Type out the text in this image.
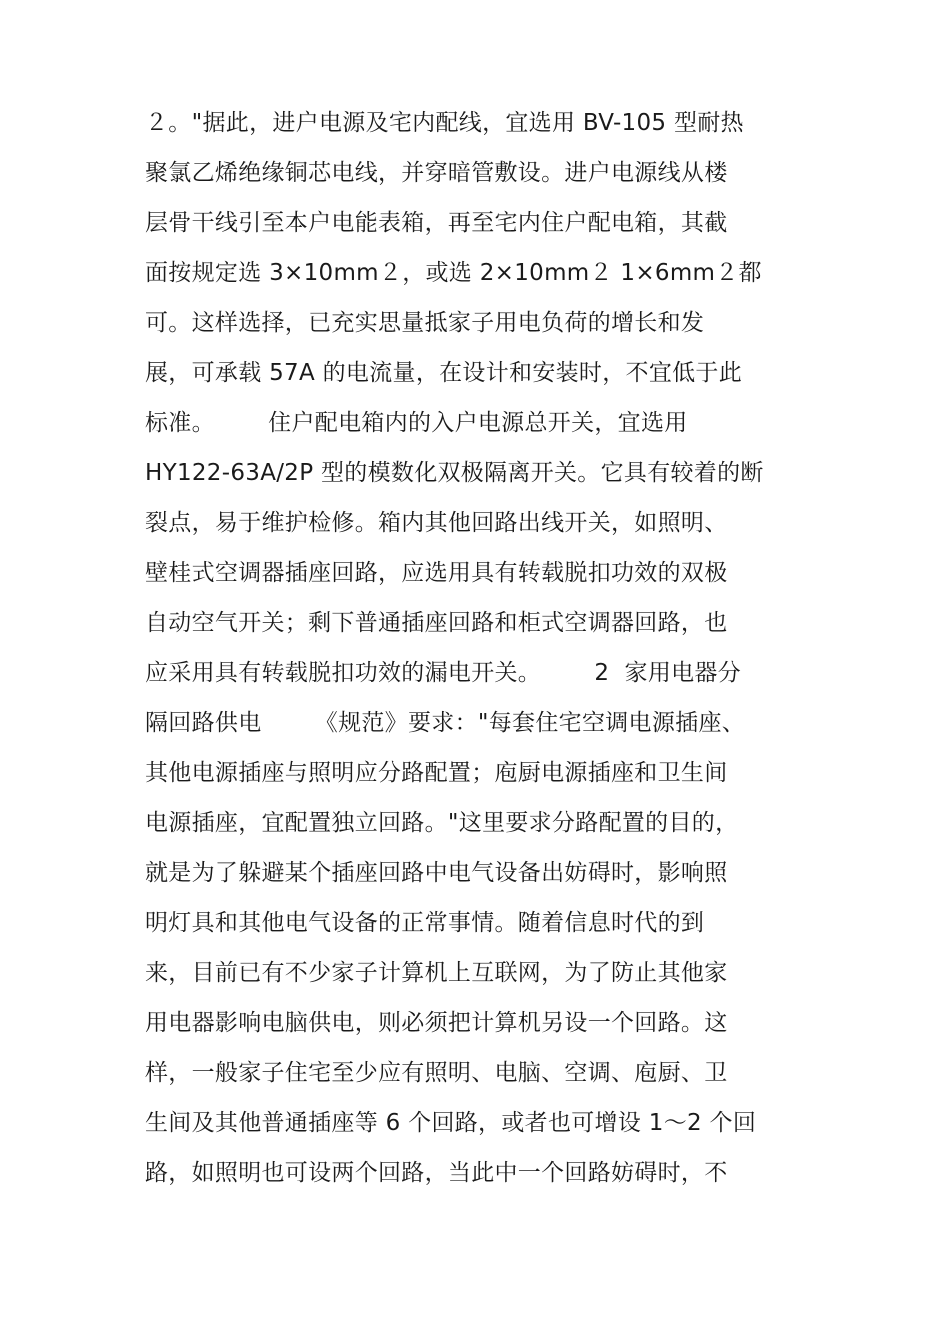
２。"据此，进户电源及宅内配线，宜选用 BV-105 型耐热
聚氯乙烯绝缘铜芯电线，并穿暗管敷设。进户电源线从楼
层骨干线引至本户电能表箱，再至宅内住户配电箱，其截
面按规定选 3×10mm２，或选 2×10mm２ 1×6mm２都
可。这样选择，已充实思量抵家子用电负荷的增长和发
展，可承载 57A 的电流量，在设计和安装时，不宜低于此
标准。       住户配电箱内的入户电源总开关，宜选用
HY122-63A/2P 型的模数化双极隔离开关。它具有较着的断
裂点，易于维护检修。箱内其他回路出线开关，如照明、
壁桂式空调器插座回路，应选用具有转载脱扣功效的双极
自动空气开关；剩下普通插座回路和柜式空调器回路，也
应采用具有转载脱扣功效的漏电开关。       2  家用电器分
隔回路供电       《规范》要求："每套住宅空调电源插座、
其他电源插座与照明应分路配置；庖厨电源插座和卫生间
电源插座，宜配置独立回路。"这里要求分路配置的目的，
就是为了躲避某个插座回路中电气设备出妨碍时，影响照
明灯具和其他电气设备的正常事情。随着信息时代的到
来，目前已有不少家子计算机上互联网，为了防止其他家
用电器影响电脑供电，则必须把计算机另设一个回路。这
样，一般家子住宅至少应有照明、电脑、空调、庖厨、卫
生间及其他普通插座等 6 个回路，或者也可增设 1～2 个回
路，如照明也可设两个回路，当此中一个回路妨碍时，不
